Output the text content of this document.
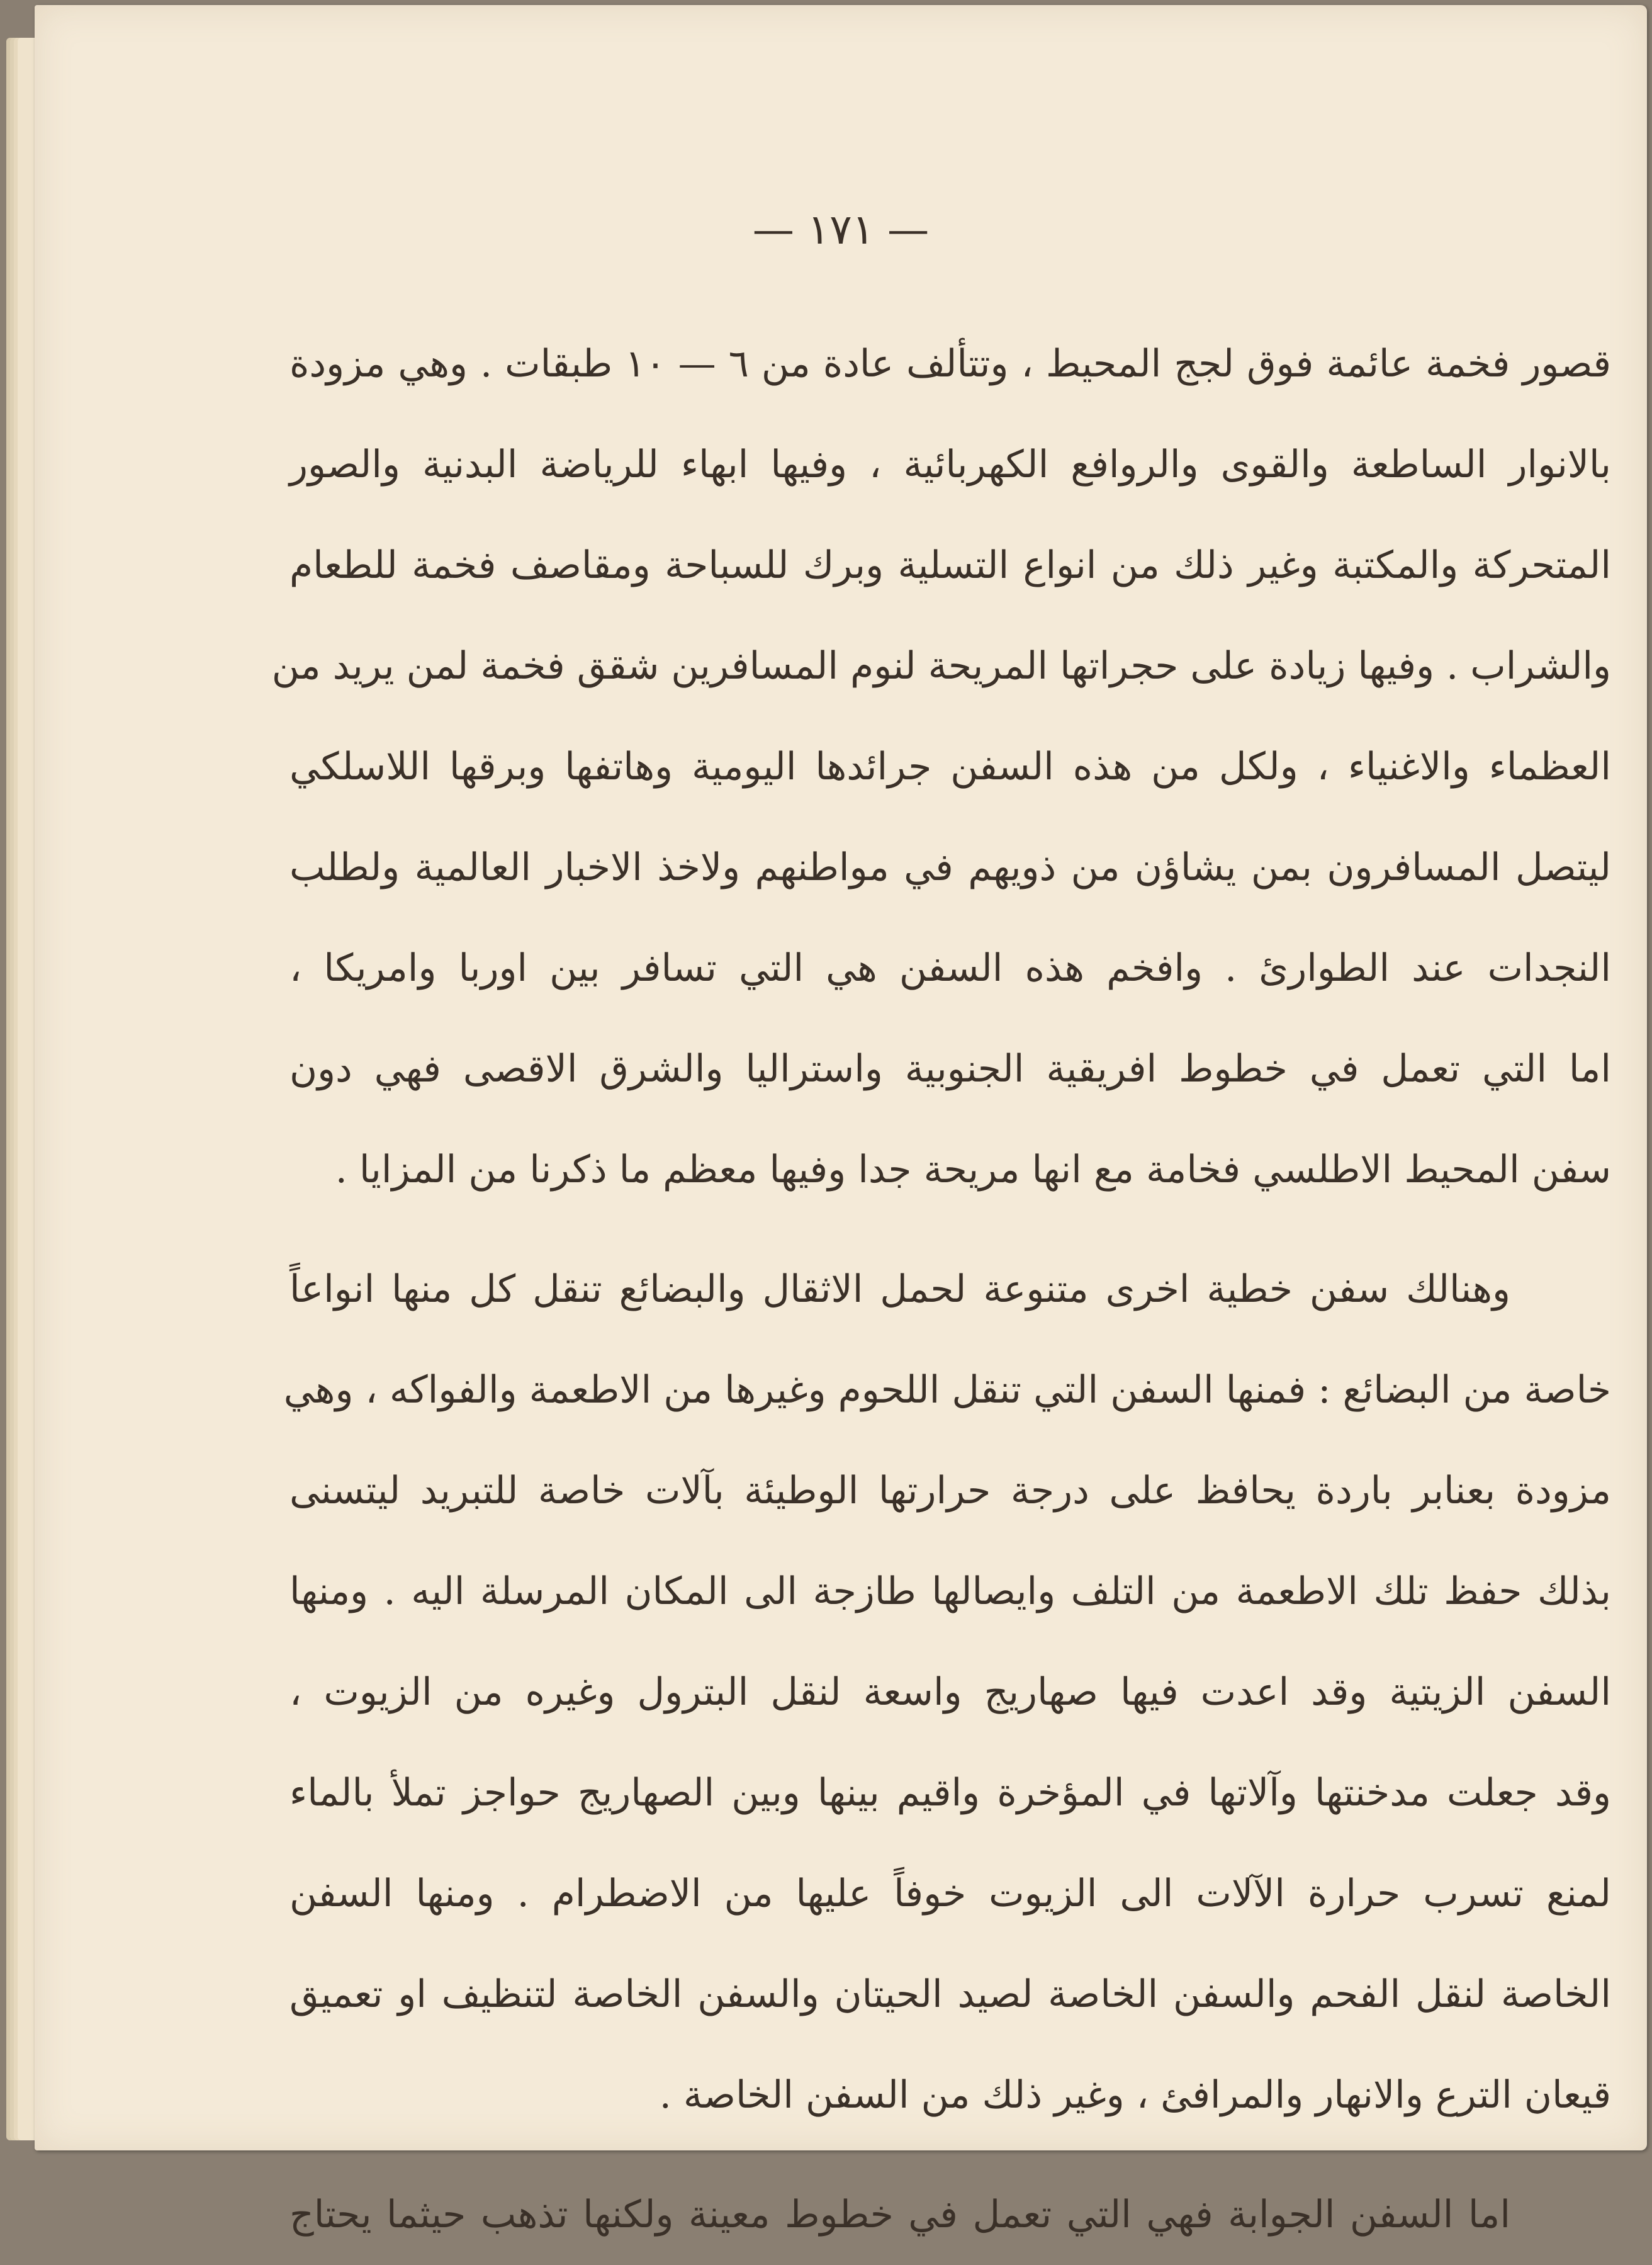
— ١٧١ —
قصور فخمة عائمة فوق لجج المحيط ، وتتألف عادة من ٦ — ١٠ طبقات . وهي مزودة
بالانوار الساطعة والقوى والروافع الكهربائية ، وفيها ابهاء للرياضة البدنية والصور
المتحركة والمكتبة وغير ذلك من انواع التسلية وبرك للسباحة ومقاصف فخمة للطعام
والشراب . وفيها زيادة على حجراتها المريحة لنوم المسافرين شقق فخمة لمن يريد من
العظماء والاغنياء ، ولكل من هذه السفن جرائدها اليومية وهاتفها وبرقها اللاسلكي
ليتصل المسافرون بمن يشاؤن من ذويهم في مواطنهم ولاخذ الاخبار العالمية ولطلب
النجدات عند الطوارئ . وافخم هذه السفن هي التي تسافر بين اوربا وامريكا ،
اما التي تعمل في خطوط افريقية الجنوبية واستراليا والشرق الاقصى فهي دون
سفن المحيط الاطلسي فخامة مع انها مريحة جدا وفيها معظم ما ذكرنا من المزايا .
وهنالك سفن خطية اخرى متنوعة لحمل الاثقال والبضائع تنقل كل منها انواعاً
خاصة من البضائع : فمنها السفن التي تنقل اللحوم وغيرها من الاطعمة والفواكه ، وهي
مزودة بعنابر باردة يحافظ على درجة حرارتها الوطيئة بآلات خاصة للتبريد ليتسنى
بذلك حفظ تلك الاطعمة من التلف وايصالها طازجة الى المكان المرسلة اليه . ومنها
السفن الزيتية وقد اعدت فيها صهاريج واسعة لنقل البترول وغيره من الزيوت ،
وقد جعلت مدخنتها وآلاتها في المؤخرة واقيم بينها وبين الصهاريج حواجز تملأ بالماء
لمنع تسرب حرارة الآلات الى الزيوت خوفاً عليها من الاضطرام . ومنها السفن
الخاصة لنقل الفحم والسفن الخاصة لصيد الحيتان والسفن الخاصة لتنظيف او تعميق
قيعان الترع والانهار والمرافئ ، وغير ذلك من السفن الخاصة .
اما السفن الجوابة فهي التي تعمل في خطوط معينة ولكنها تذهب حيثما يحتاج
